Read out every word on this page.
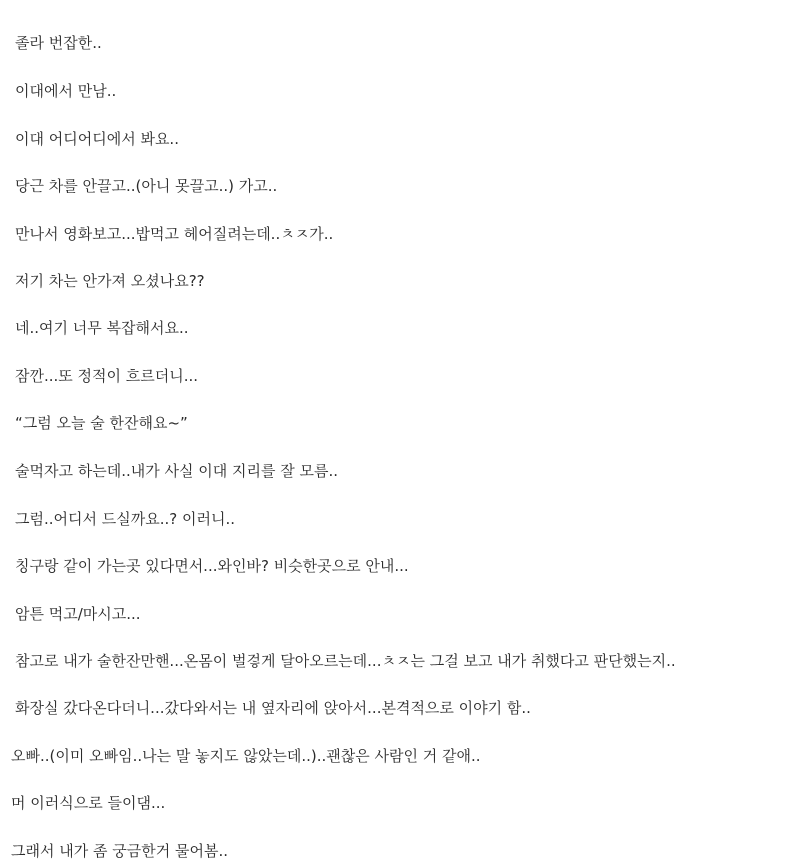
졸라 번잡한..

이대에서 만남..

이대 어디어디에서 봐요..

당근 차를 안끌고..(아니 못끌고..) 가고..

만나서 영화보고...밥먹고 헤어질려는데..ㅊㅈ가..

저기 차는 안가져 오셨나요??

네..여기 너무 복잡해서요..

잠깐...또 정적이 흐르더니...

“그럼 오늘 술 한잔해요~”

술먹자고 하는데..내가 사실 이대 지리를 잘 모름..

그럼..어디서 드실까요..? 이러니..

칭구랑 같이 가는곳 있다면서...와인바? 비슷한곳으로 안내...

암튼 먹고/마시고...

참고로 내가 술한잔만핸...온몸이 벌겋게 달아오르는데...ㅊㅈ는 그걸 보고 내가 취했다고 판단했는지..

화장실 갔다온다더니...갔다와서는 내 옆자리에 앉아서...본격적으로 이야기 함..

오빠..(이미 오빠임..나는 말 놓지도 않았는데..)..괜찮은 사람인 거 같애..

머 이러식으로 들이댐...

그래서 내가 좀 궁금한거 물어봄..
